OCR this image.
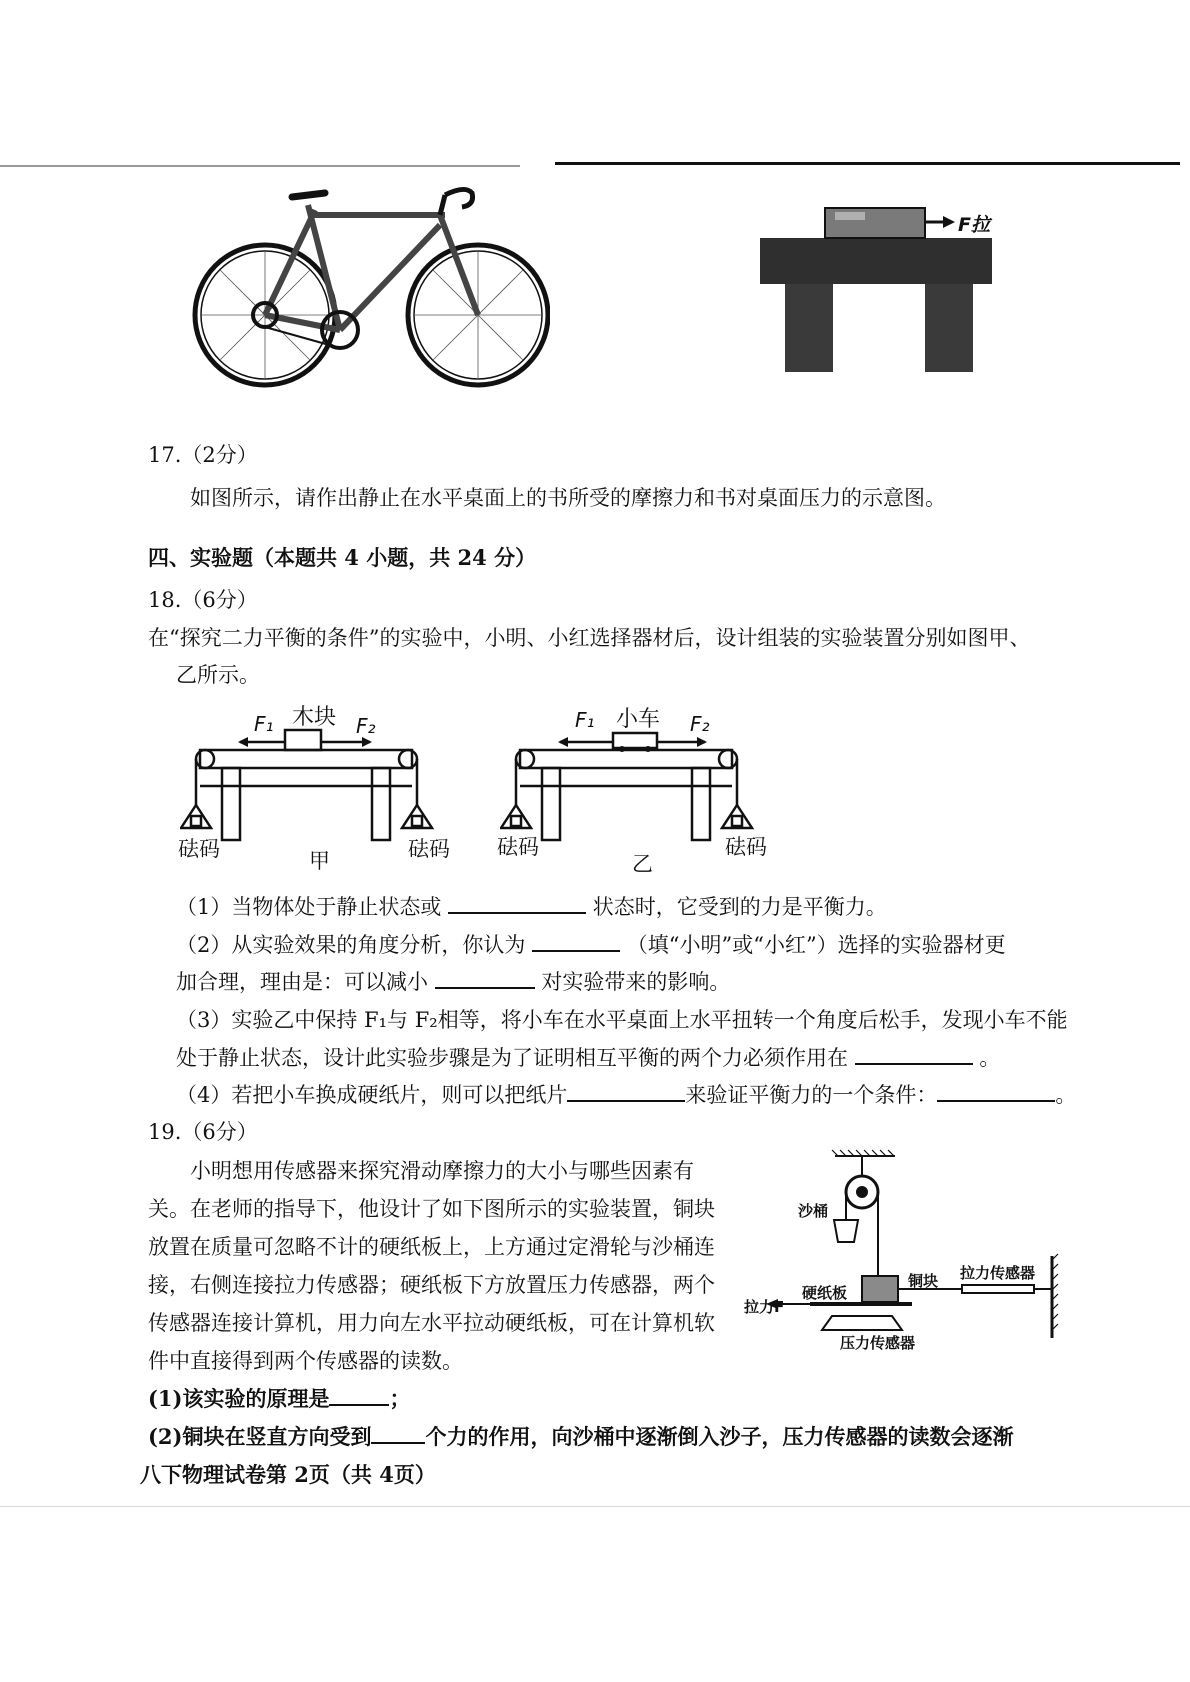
F拉
17.（2分）
如图所示，请作出静止在水平桌面上的书所受的摩擦力和书对桌面压力的示意图。
四、实验题（本题共 4 小题，共 24 分）
18.（6分）
在“探究二力平衡的条件”的实验中，小明、小红选择器材后，设计组装的实验装置分别如图甲、
乙所示。
木块
F₁	F₂
砝码	砝码
甲
小车
F₁	F₂
砝码	砝码
乙
（1）当物体处于静止状态或	状态时，它受到的力是平衡力。
（2）从实验效果的角度分析，你认为	（填“小明”或“小红”）选择的实验器材更
加合理，理由是：可以减小	对实验带来的影响。
（3）实验乙中保持 F₁与 F₂相等，将小车在水平桌面上水平扭转一个角度后松手，发现小车不能
处于静止状态，设计此实验步骤是为了证明相互平衡的两个力必须作用在	。
（4）若把小车换成硬纸片，则可以把纸片	来验证平衡力的一个条件：	。
19.（6分）
小明想用传感器来探究滑动摩擦力的大小与哪些因素有
关。在老师的指导下，他设计了如下图所示的实验装置，铜块
放置在质量可忽略不计的硬纸板上，上方通过定滑轮与沙桶连
接，右侧连接拉力传感器；硬纸板下方放置压力传感器，两个
传感器连接计算机，用力向左水平拉动硬纸板，可在计算机软
件中直接得到两个传感器的读数。
沙桶
铜块 拉力传感器
硬纸板
拉力F
压力传感器
(1)该实验的原理是	；
(2)铜块在竖直方向受到	个力的作用，向沙桶中逐渐倒入沙子，压力传感器的读数会逐渐
八下物理试卷第 2页（共 4页）
